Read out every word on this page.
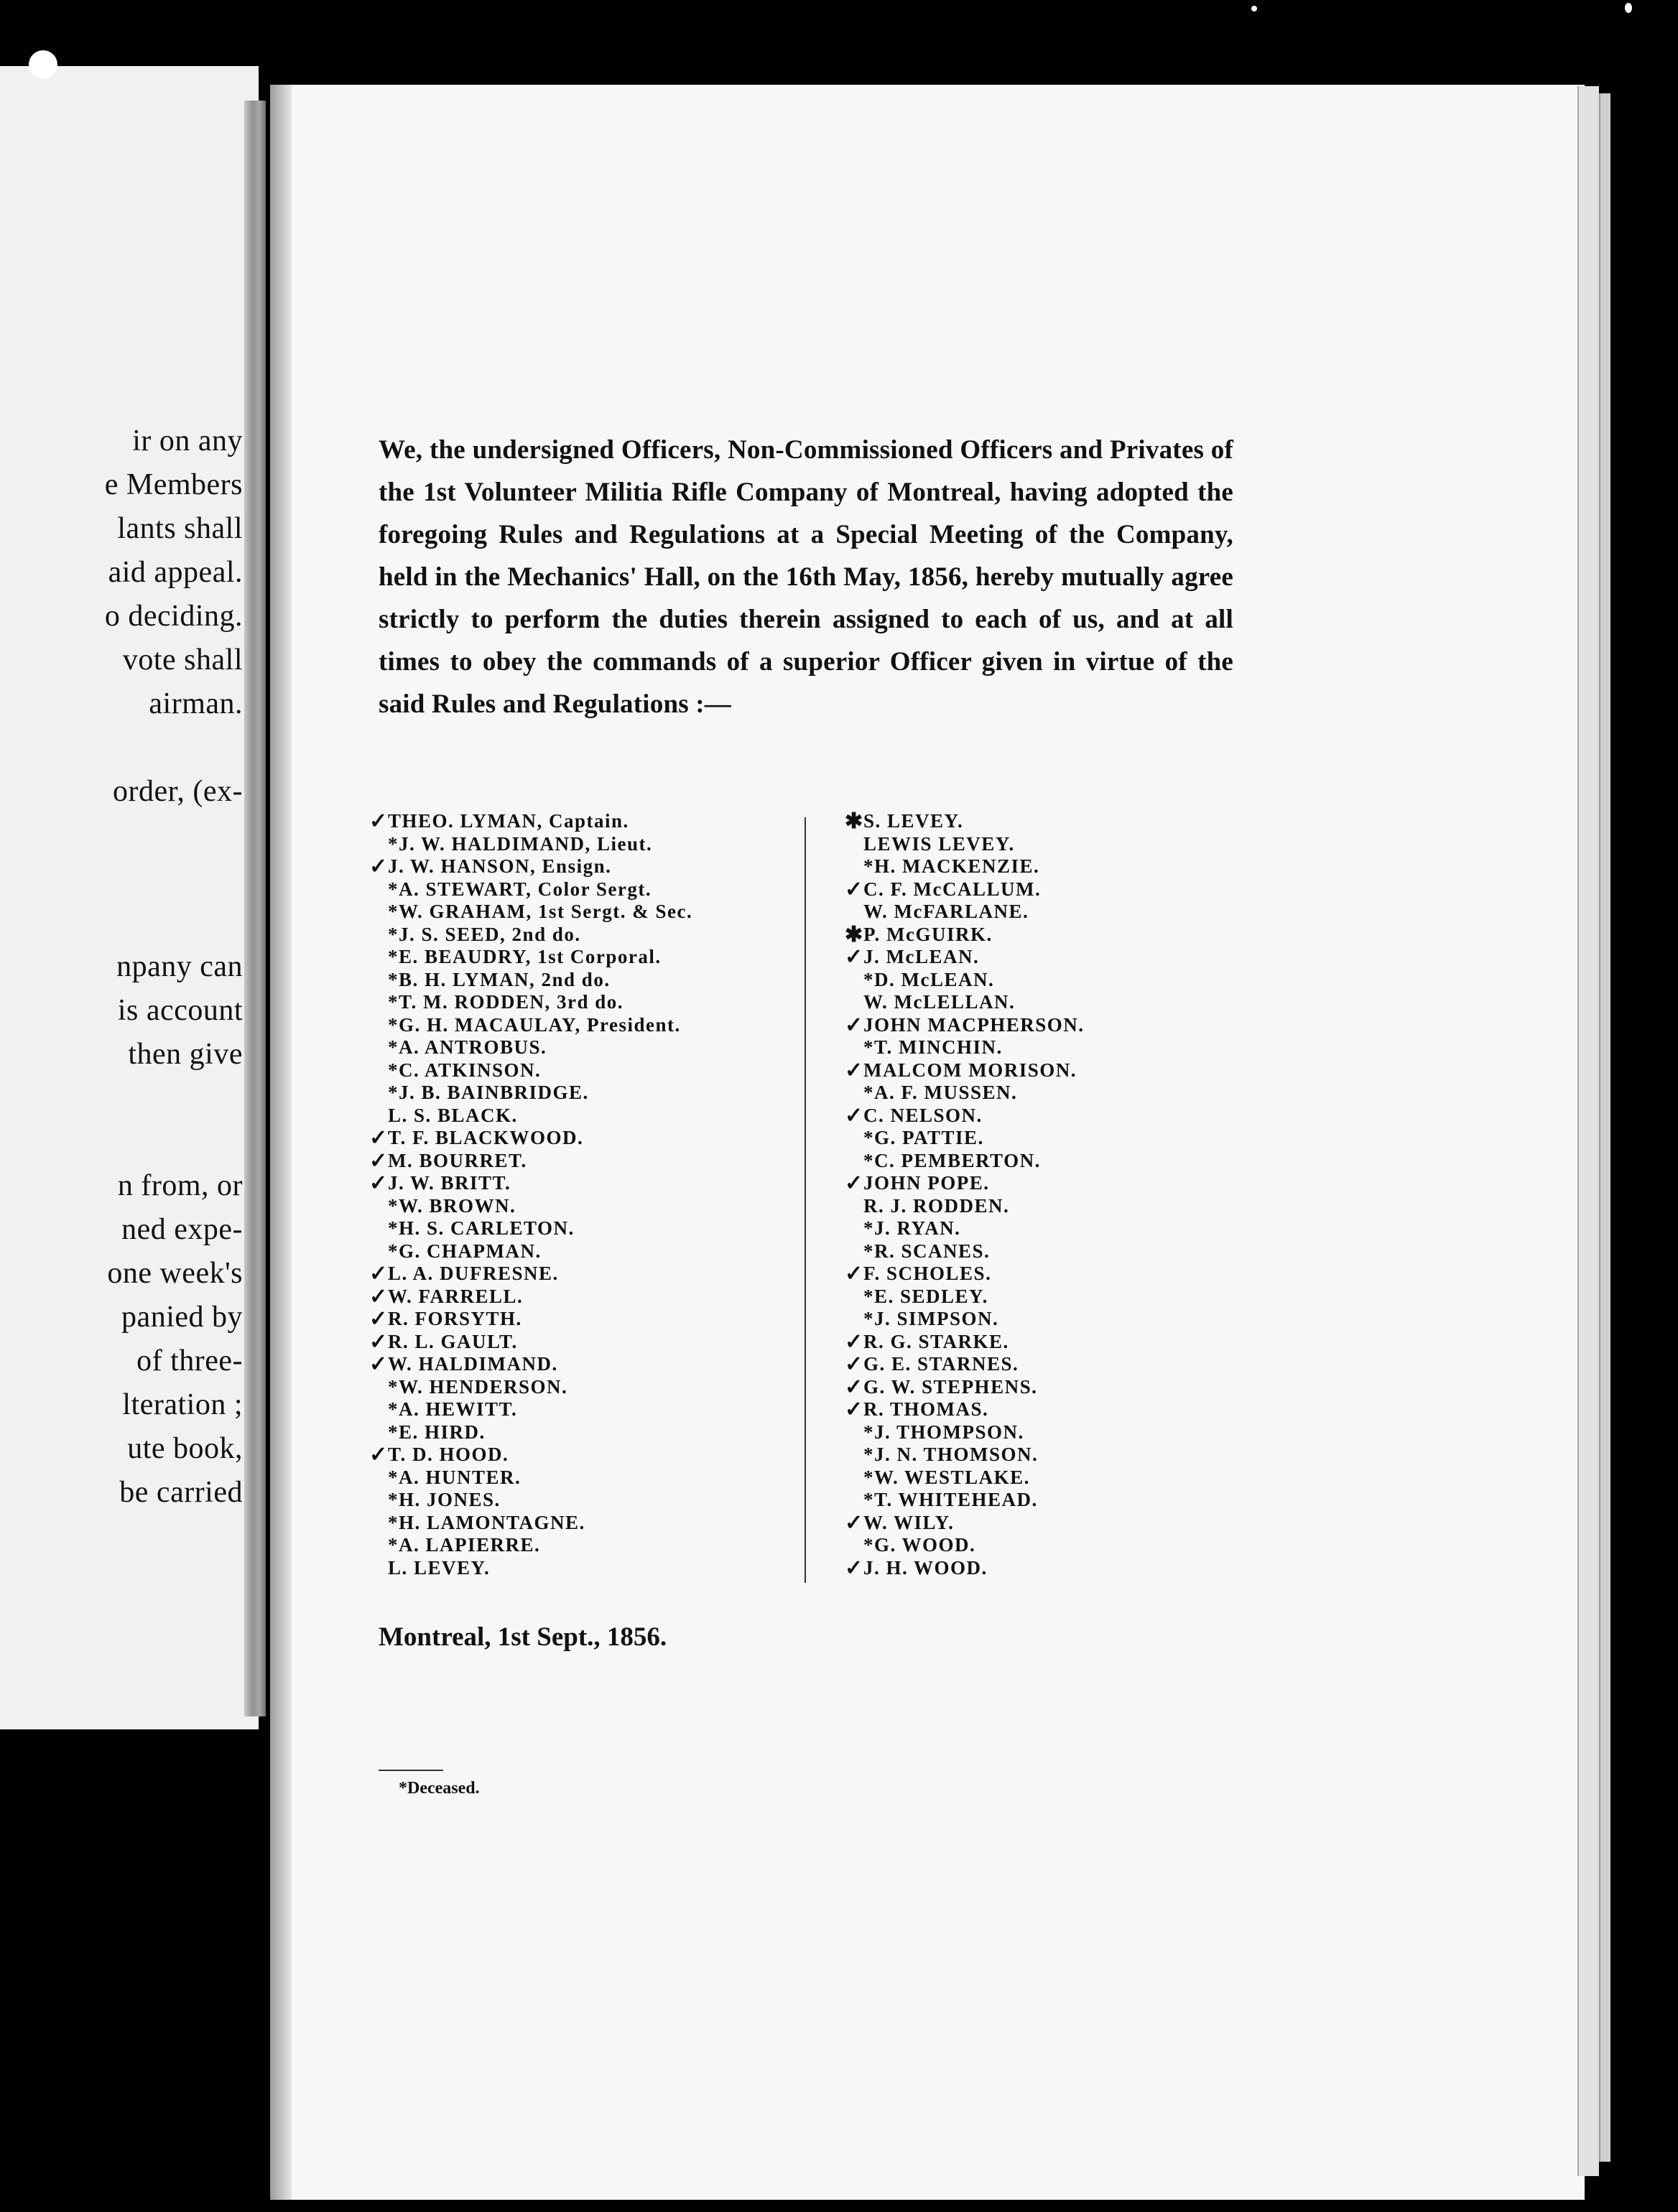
ir on any
e Members
lants shall
aid appeal.
o deciding.
vote shall
airman.
order, (ex-
npany can
is account
then give
n from, or
ned expe-
one week's
panied by
of three-
lteration ;
ute book,
be carried
We, the undersigned Officers, Non-Commissioned Officers and Privates of the 1st Volunteer Militia Rifle Company of Montreal, having adopted the foregoing Rules and Regulations at a Special Meeting of the Company, held in the Mechanics' Hall, on the 16th May, 1856, hereby mutually agree strictly to perform the duties therein assigned to each of us, and at all times to obey the commands of a superior Officer given in virtue of the said Rules and Regulations :—
✓ THEO. LYMAN, Captain.
*J. W. HALDIMAND, Lieut.
✓ J. W. HANSON, Ensign.
*A. STEWART, Color Sergt.
*W. GRAHAM, 1st Sergt. & Sec.
*J. S. SEED, 2nd do.
*E. BEAUDRY, 1st Corporal.
*B. H. LYMAN, 2nd do.
*T. M. RODDEN, 3rd do.
*G. H. MACAULAY, President.
*A. ANTROBUS.
*C. ATKINSON.
*J. B. BAINBRIDGE.
L. S. BLACK.
✓ T. F. BLACKWOOD.
✓ M. BOURRET.
✓ J. W. BRITT.
*W. BROWN.
*H. S. CARLETON.
*G. CHAPMAN.
✓ L. A. DUFRESNE.
✓ W. FARRELL.
✓ R. FORSYTH.
✓ R. L. GAULT.
✓ W. HALDIMAND.
*W. HENDERSON.
*A. HEWITT.
*E. HIRD.
✓ T. D. HOOD.
*A. HUNTER.
*H. JONES.
*H. LAMONTAGNE.
*A. LAPIERRE.
L. LEVEY.
✱ S. LEVEY.
LEWIS LEVEY.
*H. MACKENZIE.
✓ C. F. McCALLUM.
W. McFARLANE.
✱ P. McGUIRK.
✓ J. McLEAN.
*D. McLEAN.
W. McLELLAN.
✓ JOHN MACPHERSON.
*T. MINCHIN.
✓ MALCOM MORISON.
*A. F. MUSSEN.
✓ C. NELSON.
*G. PATTIE.
*C. PEMBERTON.
✓ JOHN POPE.
R. J. RODDEN.
*J. RYAN.
*R. SCANES.
✓ F. SCHOLES.
*E. SEDLEY.
*J. SIMPSON.
✓ R. G. STARKE.
✓ G. E. STARNES.
✓ G. W. STEPHENS.
✓ R. THOMAS.
*J. THOMPSON.
*J. N. THOMSON.
*W. WESTLAKE.
*T. WHITEHEAD.
✓ W. WILY.
*G. WOOD.
✓ J. H. WOOD.
Montreal, 1st Sept., 1856.
*Deceased.
